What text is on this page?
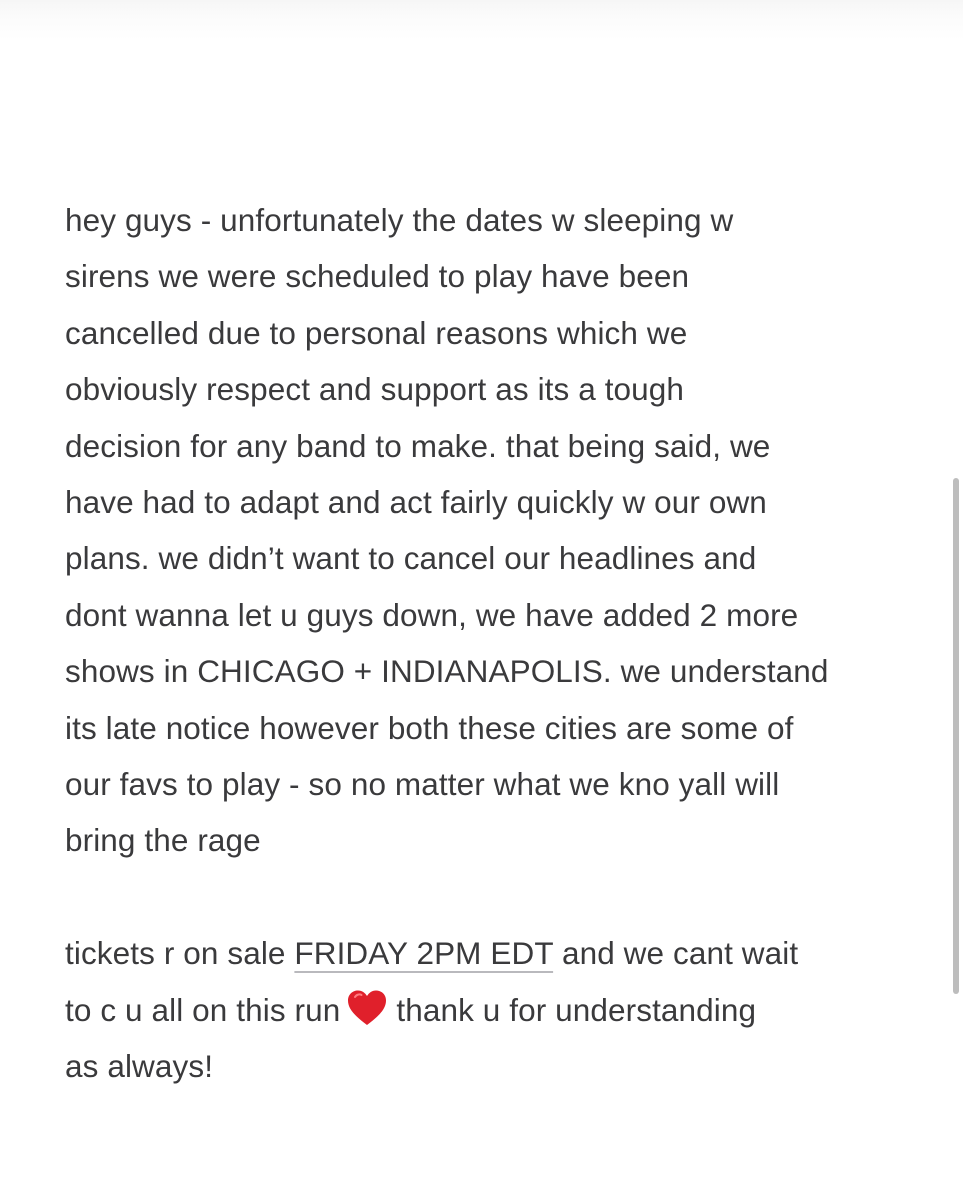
hey guys - unfortunately the dates w sleeping w
sirens we were scheduled to play have been
cancelled due to personal reasons which we
obviously respect and support as its a tough
decision for any band to make. that being said, we
have had to adapt and act fairly quickly w our own
plans. we didn’t want to cancel our headlines and
dont wanna let u guys down, we have added 2 more
shows in CHICAGO + INDIANAPOLIS. we understand
its late notice however both these cities are some of
our favs to play - so no matter what we kno yall will
bring the rage
tickets r on sale FRIDAY 2PM EDT and we cant wait
to c u all on this run thank u for understanding
as always!
